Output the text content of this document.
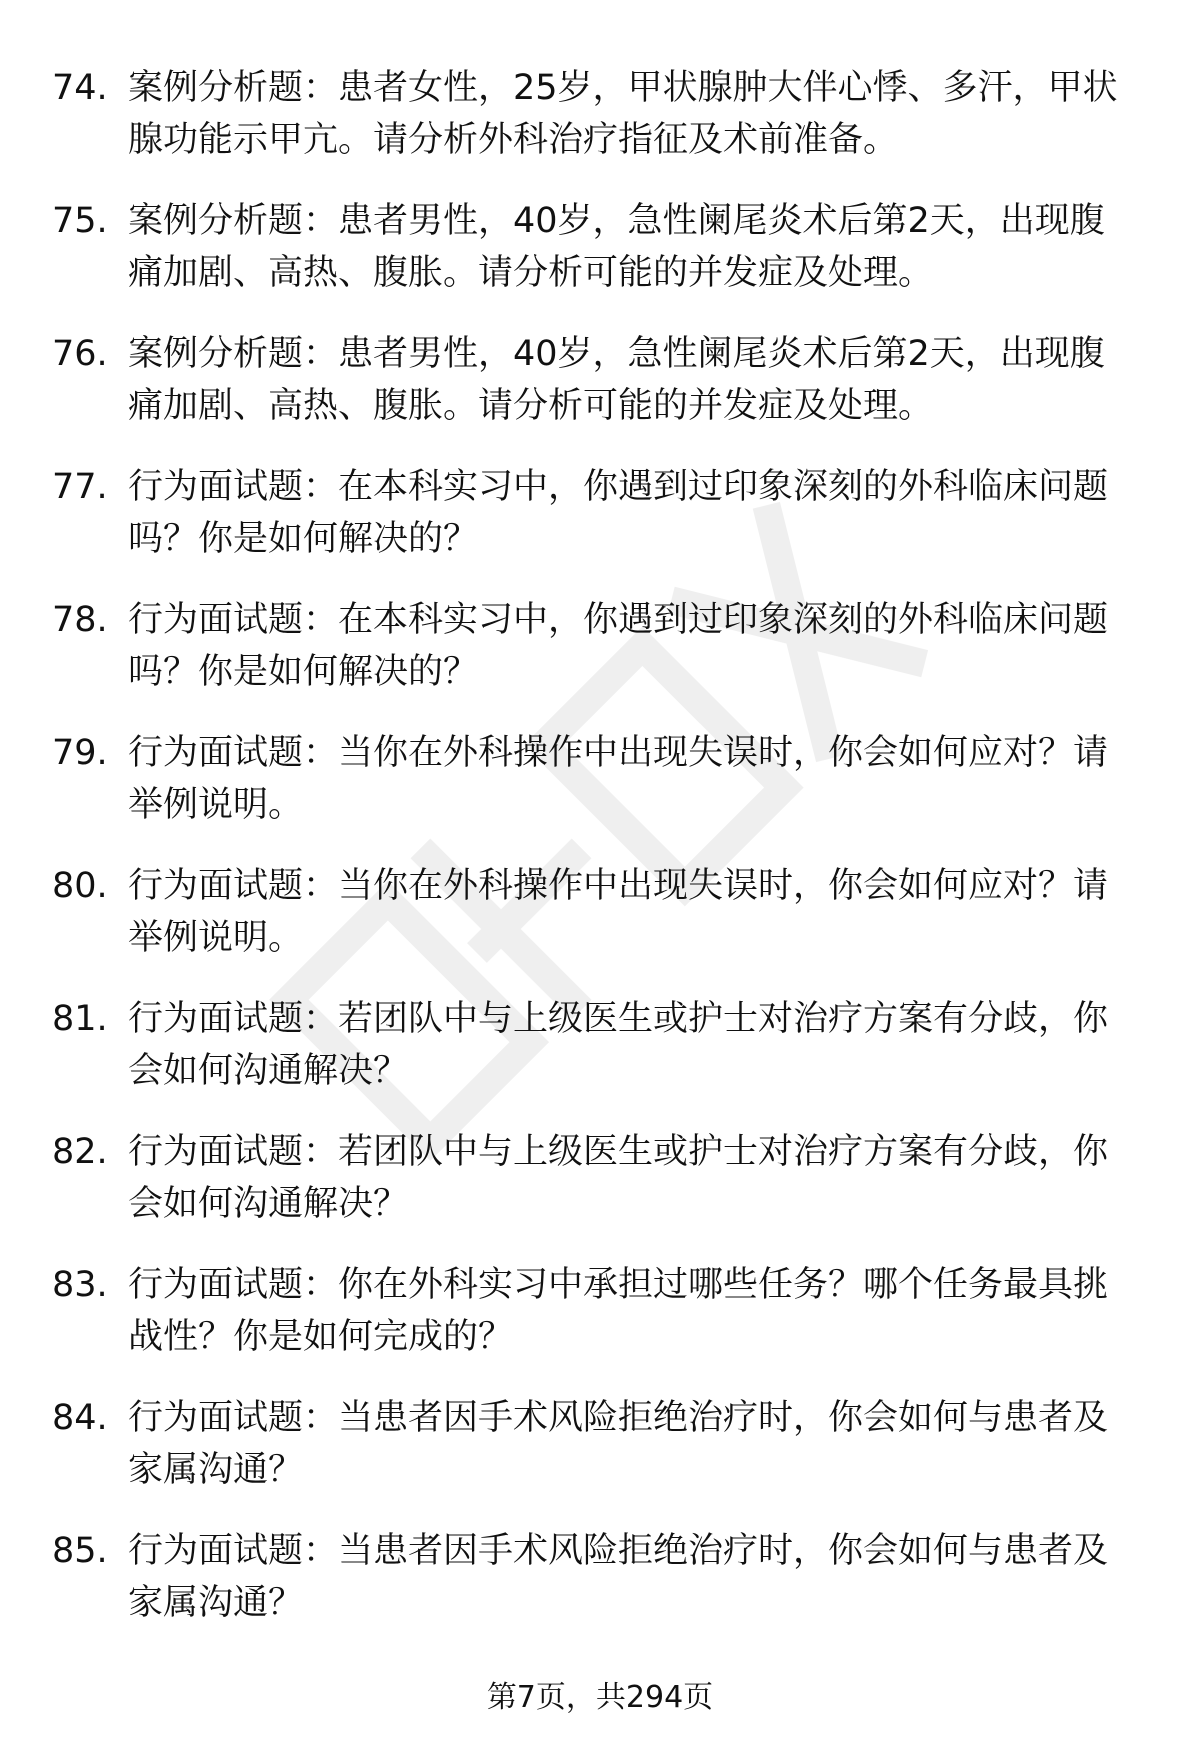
74. 案例分析题：患者女性，25岁，甲状腺肿大伴心悸、多汗，甲状腺功能示甲亢。请分析外科治疗指征及术前准备。
75. 案例分析题：患者男性，40岁，急性阑尾炎术后第2天，出现腹痛加剧、高热、腹胀。请分析可能的并发症及处理。
76. 案例分析题：患者男性，40岁，急性阑尾炎术后第2天，出现腹痛加剧、高热、腹胀。请分析可能的并发症及处理。
77. 行为面试题：在本科实习中，你遇到过印象深刻的外科临床问题吗？你是如何解决的？
78. 行为面试题：在本科实习中，你遇到过印象深刻的外科临床问题吗？你是如何解决的？
79. 行为面试题：当你在外科操作中出现失误时，你会如何应对？请举例说明。
80. 行为面试题：当你在外科操作中出现失误时，你会如何应对？请举例说明。
81. 行为面试题：若团队中与上级医生或护士对治疗方案有分歧，你会如何沟通解决？
82. 行为面试题：若团队中与上级医生或护士对治疗方案有分歧，你会如何沟通解决？
83. 行为面试题：你在外科实习中承担过哪些任务？哪个任务最具挑战性？你是如何完成的？
84. 行为面试题：当患者因手术风险拒绝治疗时，你会如何与患者及家属沟通？
85. 行为面试题：当患者因手术风险拒绝治疗时，你会如何与患者及家属沟通？
第7页，共294页
